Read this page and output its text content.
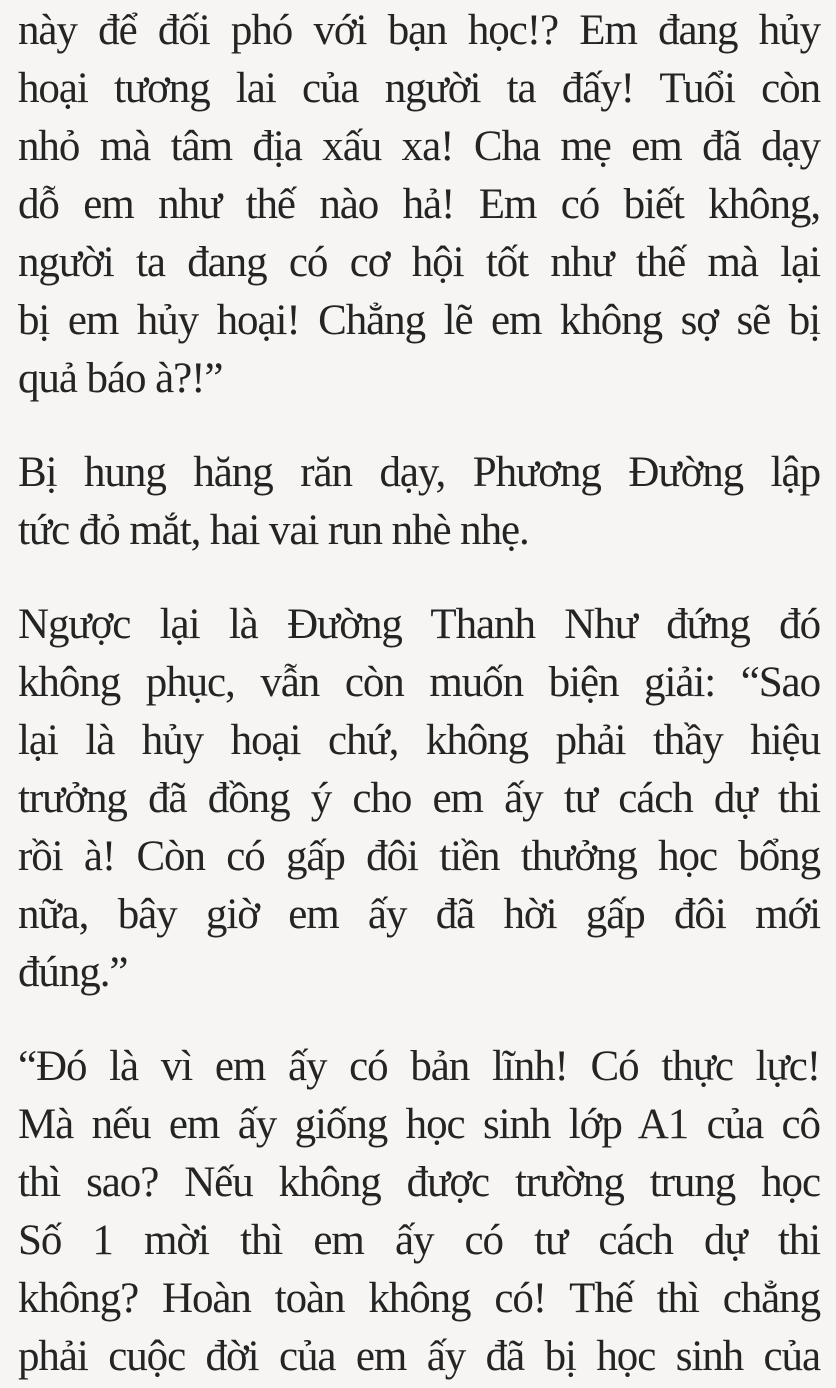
này để đối phó với bạn học!? Em đang hủy
hoại tương lai của người ta đấy! Tuổi còn
nhỏ mà tâm địa xấu xa! Cha mẹ em đã dạy
dỗ em như thế nào hả! Em có biết không,
người ta đang có cơ hội tốt như thế mà lại
bị em hủy hoại! Chẳng lẽ em không sợ sẽ bị
quả báo à?!”
Bị hung hăng răn dạy, Phương Đường lập
tức đỏ mắt, hai vai run nhè nhẹ.
Ngược lại là Đường Thanh Như đứng đó
không phục, vẫn còn muốn biện giải: “Sao
lại là hủy hoại chứ, không phải thầy hiệu
trưởng đã đồng ý cho em ấy tư cách dự thi
rồi à! Còn có gấp đôi tiền thưởng học bổng
nữa, bây giờ em ấy đã hời gấp đôi mới
đúng.”
“Đó là vì em ấy có bản lĩnh! Có thực lực!
Mà nếu em ấy giống học sinh lớp A1 của cô
thì sao? Nếu không được trường trung học
Số 1 mời thì em ấy có tư cách dự thi
không? Hoàn toàn không có! Thế thì chẳng
phải cuộc đời của em ấy đã bị học sinh của
